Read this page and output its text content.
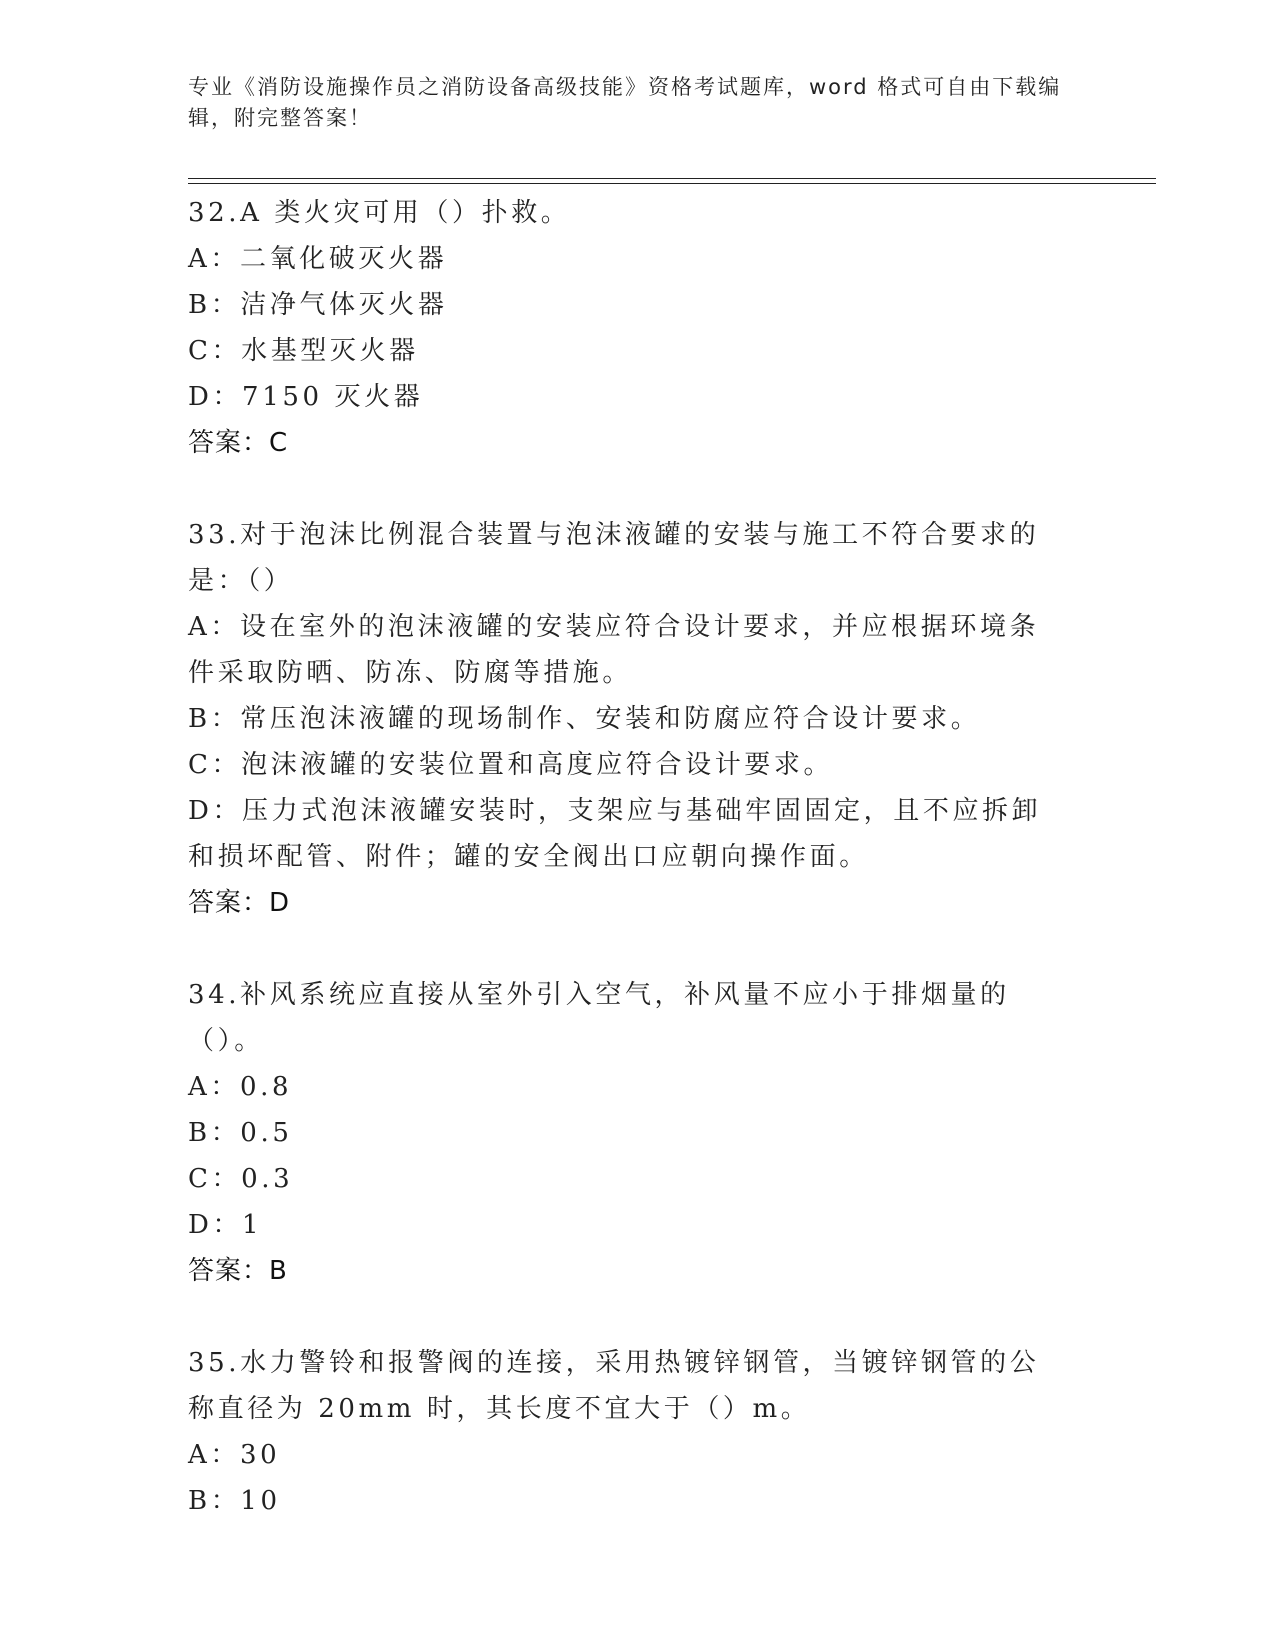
专业《消防设施操作员之消防设备高级技能》资格考试题库，word 格式可自由下载编辑，附完整答案！
32.A 类火灾可用（）扑救。
A：二氧化破灭火器
B：洁净气体灭火器
C：水基型灭火器
D：7150 灭火器
答案：C
33.对于泡沫比例混合装置与泡沫液罐的安装与施工不符合要求的是：（）
A：设在室外的泡沫液罐的安装应符合设计要求，并应根据环境条件采取防晒、防冻、防腐等措施。
B：常压泡沫液罐的现场制作、安装和防腐应符合设计要求。
C：泡沫液罐的安装位置和高度应符合设计要求。
D：压力式泡沫液罐安装时，支架应与基础牢固固定，且不应拆卸和损坏配管、附件；罐的安全阀出口应朝向操作面。
答案：D
34.补风系统应直接从室外引入空气，补风量不应小于排烟量的（）。
A：0.8
B：0.5
C：0.3
D：1
答案：B
35.水力警铃和报警阀的连接，采用热镀锌钢管，当镀锌钢管的公称直径为 20mm 时，其长度不宜大于（）m。
A：30
B：10
